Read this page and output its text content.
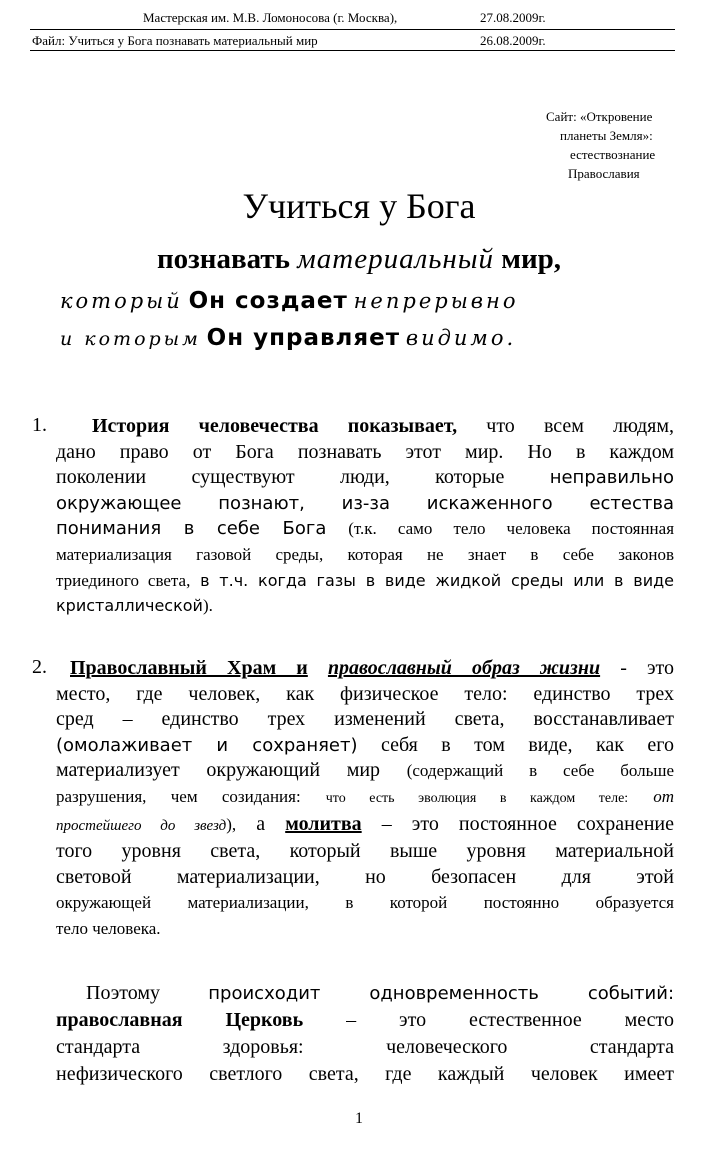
Мастерская им. М.В. Ломоносова (г. Москва),	27.08.2009г.
Файл: Учиться у Бога познавать материальный мир	26.08.2009г.
Сайт: «Откровение
планеты Земля»:
естествознание
Православия
Учиться у Бога
познавать материальный мир,
который Он создает непрерывно
и которым Он управляет видимо.
1.	История человечества показывает, что всем людям,
дано право от Бога познавать этот мир. Но в каждом
поколении существуют люди, которые	неправильно
окружающее познают, из-за искаженного естества
понимания в себе Бога (т.к. само тело человека постоянная
материализация газовой среды, которая не знает в себе законов
триединого света, в т.ч. когда газы в виде жидкой среды или в виде
кристаллической).
2.	Православный Храм и православный образ жизни - это
место, где человек, как физическое тело: единство трех
сред – единство трех изменений света, восстанавливает
(омолаживает и сохраняет) себя в том виде, как его
материализует окружающий мир (содержащий в себе больше
разрушения, чем созидания: что есть эволюция в каждом теле: от
простейшего до звезд), а молитва – это постоянное сохранение
того уровня света, который выше уровня материальной
световой материализации, но безопасен для этой
окружающей материализации, в которой постоянно образуется
тело человека.
Поэтому	происходит одновременность событий:
православная Церковь – это естественное место
стандарта здоровья: человеческого стандарта
нефизического светлого света, где каждый человек имеет
1
